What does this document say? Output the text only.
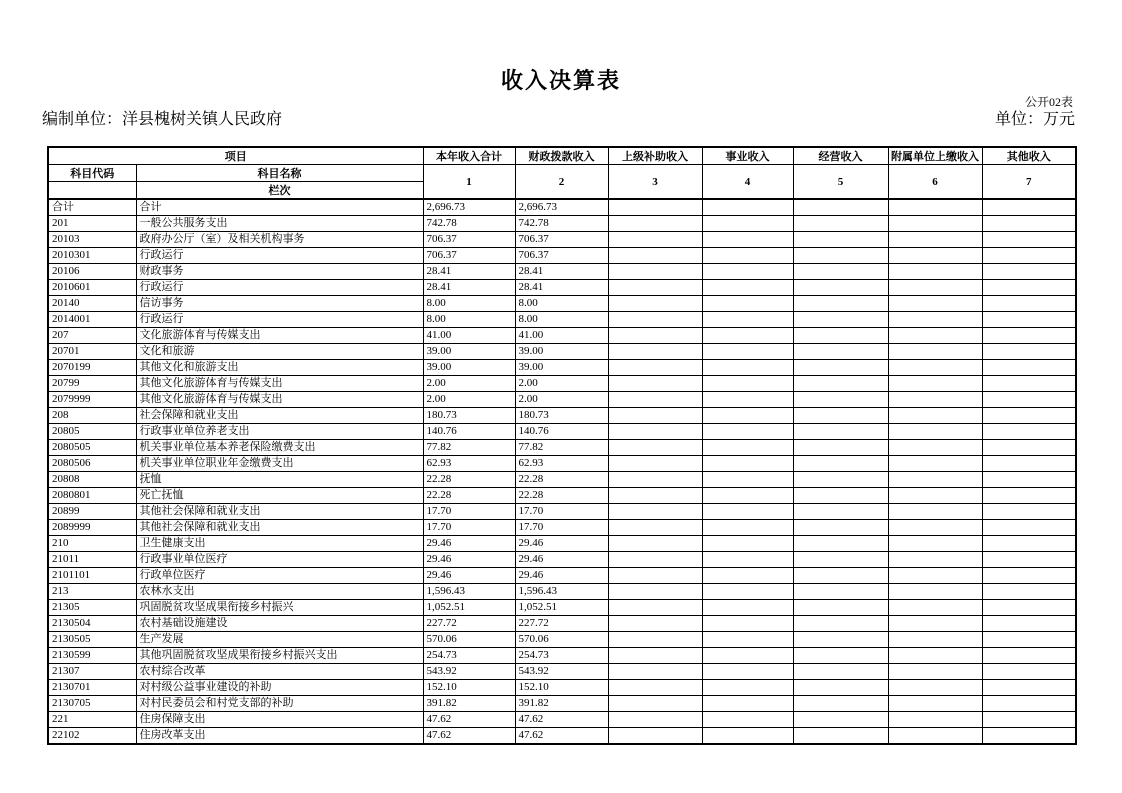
收入决算表
公开02表
编制单位：洋县槐树关镇人民政府	单位：万元
项目		本年收入合计	财政拨款收入	上级补助收入	事业收入	经营收入	附属单位上缴收入	其他收入
科目代码	科目名称	1	2	3	4	5	6	7
	栏次							
合计	合计	2,696.73	2,696.73					
201	一般公共服务支出	742.78	742.78					
20103	政府办公厅（室）及相关机构事务	706.37	706.37					
2010301	行政运行	706.37	706.37					
20106	财政事务	28.41	28.41					
2010601	行政运行	28.41	28.41					
20140	信访事务	8.00	8.00					
2014001	行政运行	8.00	8.00					
207	文化旅游体育与传媒支出	41.00	41.00					
20701	文化和旅游	39.00	39.00					
2070199	其他文化和旅游支出	39.00	39.00					
20799	其他文化旅游体育与传媒支出	2.00	2.00					
2079999	其他文化旅游体育与传媒支出	2.00	2.00					
208	社会保障和就业支出	180.73	180.73					
20805	行政事业单位养老支出	140.76	140.76					
2080505	机关事业单位基本养老保险缴费支出	77.82	77.82					
2080506	机关事业单位职业年金缴费支出	62.93	62.93					
20808	抚恤	22.28	22.28					
2080801	死亡抚恤	22.28	22.28					
20899	其他社会保障和就业支出	17.70	17.70					
2089999	其他社会保障和就业支出	17.70	17.70					
210	卫生健康支出	29.46	29.46					
21011	行政事业单位医疗	29.46	29.46					
2101101	行政单位医疗	29.46	29.46					
213	农林水支出	1,596.43	1,596.43					
21305	巩固脱贫攻坚成果衔接乡村振兴	1,052.51	1,052.51					
2130504	农村基础设施建设	227.72	227.72					
2130505	生产发展	570.06	570.06					
2130599	其他巩固脱贫攻坚成果衔接乡村振兴支出	254.73	254.73					
21307	农村综合改革	543.92	543.92					
2130701	对村级公益事业建设的补助	152.10	152.10					
2130705	对村民委员会和村党支部的补助	391.82	391.82					
221	住房保障支出	47.62	47.62					
22102	住房改革支出	47.62	47.62					
